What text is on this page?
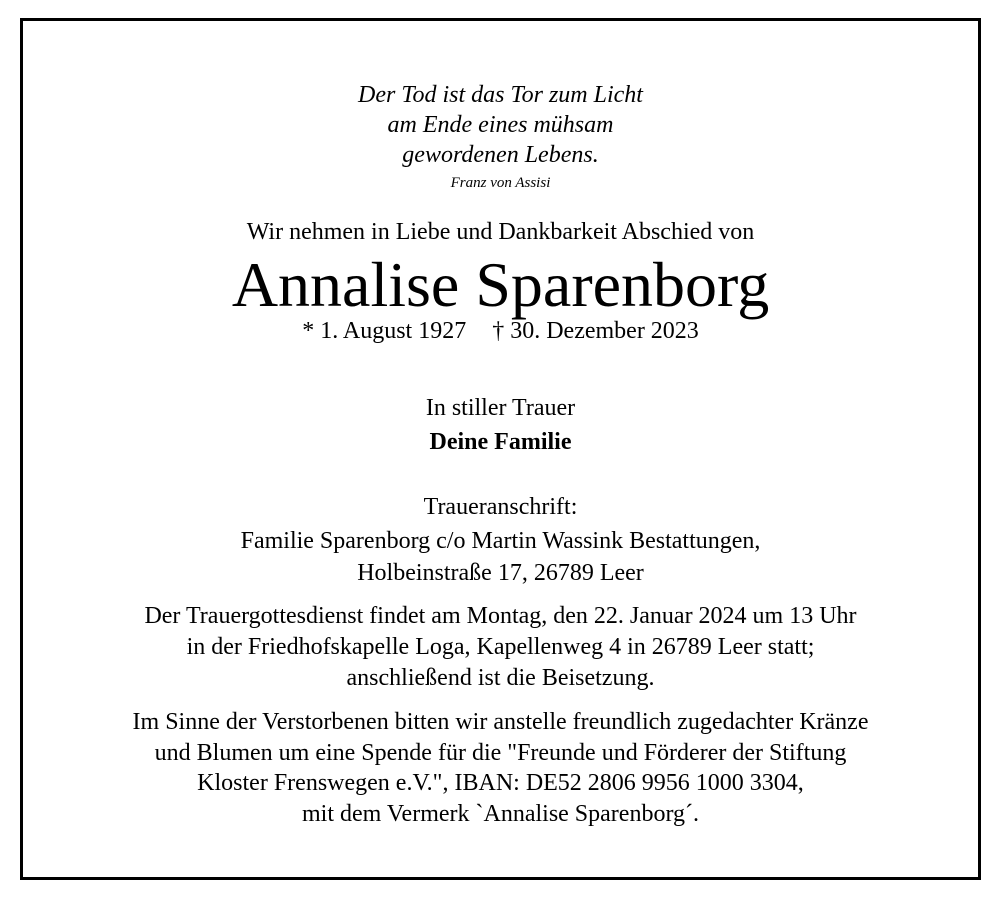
Der Tod ist das Tor zum Licht
am Ende eines mühsam
gewordenen Lebens.
Franz von Assisi
Wir nehmen in Liebe und Dankbarkeit Abschied von
Annalise Sparenborg
* 1. August 1927 † 30. Dezember 2023
In stiller Trauer
Deine Familie
Traueranschrift:
Familie Sparenborg c/o Martin Wassink Bestattungen,
Holbeinstraße 17, 26789 Leer
Der Trauergottesdienst findet am Montag, den 22. Januar 2024 um 13 Uhr
in der Friedhofskapelle Loga, Kapellenweg 4 in 26789 Leer statt;
anschließend ist die Beisetzung.
Im Sinne der Verstorbenen bitten wir anstelle freundlich zugedachter Kränze
und Blumen um eine Spende für die "Freunde und Förderer der Stiftung
Kloster Frenswegen e.V.", IBAN: DE52 2806 9956 1000 3304,
mit dem Vermerk `Annalise Sparenborg´.
